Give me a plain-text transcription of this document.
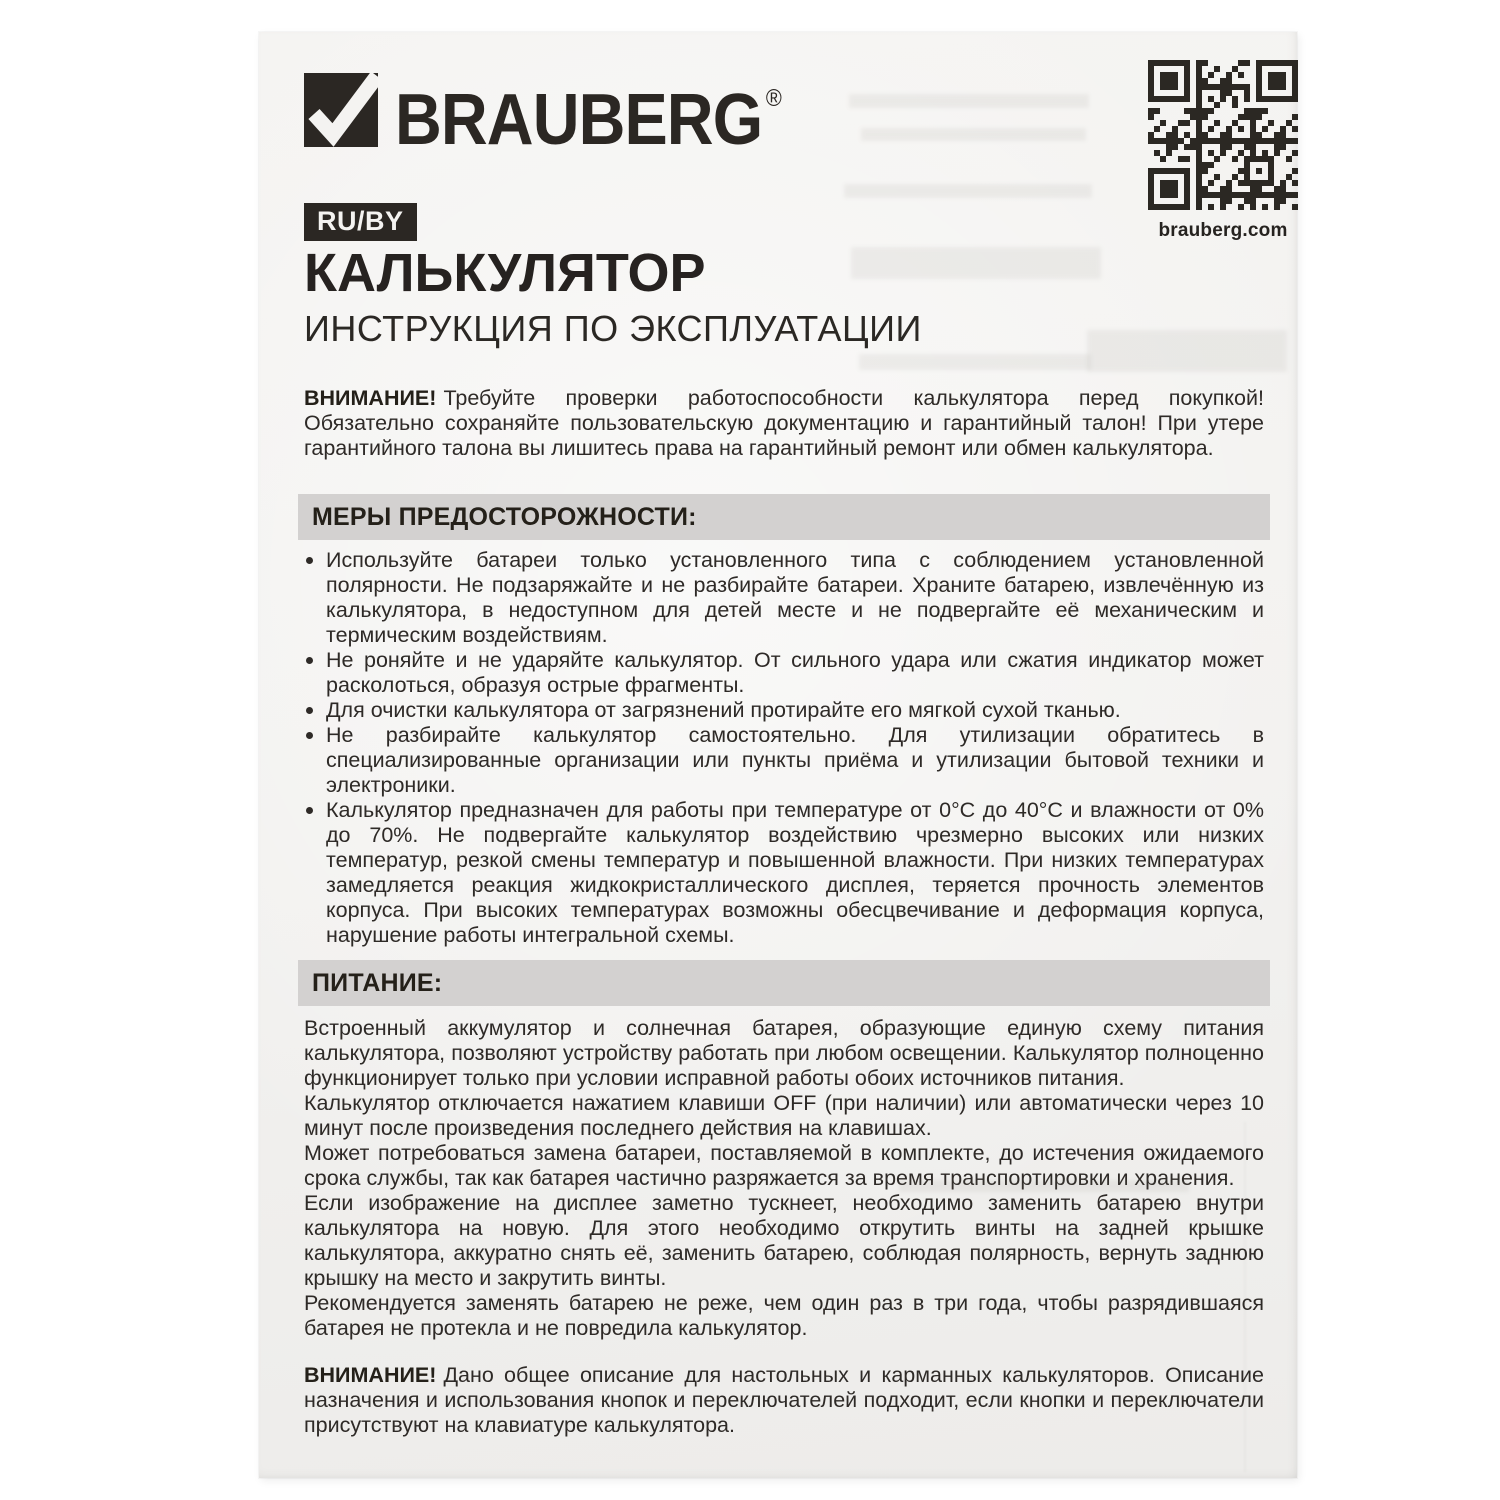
BRAUBERG ®
brauberg.com
RU/BY
КАЛЬКУЛЯТОР
ИНСТРУКЦИЯ ПО ЭКСПЛУАТАЦИИ

ВНИМАНИЕ! Требуйте проверки работоспособности калькулятора перед покупкой! Обязательно сохраняйте пользовательскую документацию и гарантийный талон! При утере гарантийного талона вы лишитесь права на гарантийный ремонт или обмен калькулятора.

МЕРЫ ПРЕДОСТОРОЖНОСТИ:
Используйте батареи только установленного типа с соблюдением установленной полярности. Не подзаряжайте и не разбирайте батареи. Храните батарею, извлечённую из калькулятора, в недоступном для детей месте и не подвергайте её механическим и термическим воздействиям.
Не роняйте и не ударяйте калькулятор. От сильного удара или сжатия индикатор может расколоться, образуя острые фрагменты.
Для очистки калькулятора от загрязнений протирайте его мягкой сухой тканью.
Не разбирайте калькулятор самостоятельно. Для утилизации обратитесь в специализированные организации или пункты приёма и утилизации бытовой техники и электроники.
Калькулятор предназначен для работы при температуре от 0°С до 40°С и влажности от 0% до 70%. Не подвергайте калькулятор воздействию чрезмерно высоких или низких температур, резкой смены температур и повышенной влажности. При низких температурах замедляется реакция жидкокристаллического дисплея, теряется прочность элементов корпуса. При высоких температурах возможны обесцвечивание и деформация корпуса, нарушение работы интегральной схемы.
ПИТАНИЕ:

Встроенный аккумулятор и солнечная батарея, образующие единую схему питания калькулятора, позволяют устройству работать при любом освещении. Калькулятор полноценно функционирует только при условии исправной работы обоих источников питания.

Калькулятор отключается нажатием клавиши OFF (при наличии) или автоматически через 10 минут после произведения последнего действия на клавишах.

Может потребоваться замена батареи, поставляемой в комплекте, до истечения ожидаемого срока службы, так как батарея частично разряжается за время транспортировки и хранения.

Если изображение на дисплее заметно тускнеет, необходимо заменить батарею внутри калькулятора на новую. Для этого необходимо открутить винты на задней крышке калькулятора, аккуратно снять её, заменить батарею, соблюдая полярность, вернуть заднюю крышку на место и закрутить винты.

Рекомендуется заменять батарею не реже, чем один раз в три года, чтобы разрядившаяся батарея не протекла и не повредила калькулятор.

ВНИМАНИЕ! Дано общее описание для настольных и карманных калькуляторов. Описание назначения и использования кнопок и переключателей подходит, если кнопки и переключатели присутствуют на клавиатуре калькулятора.
